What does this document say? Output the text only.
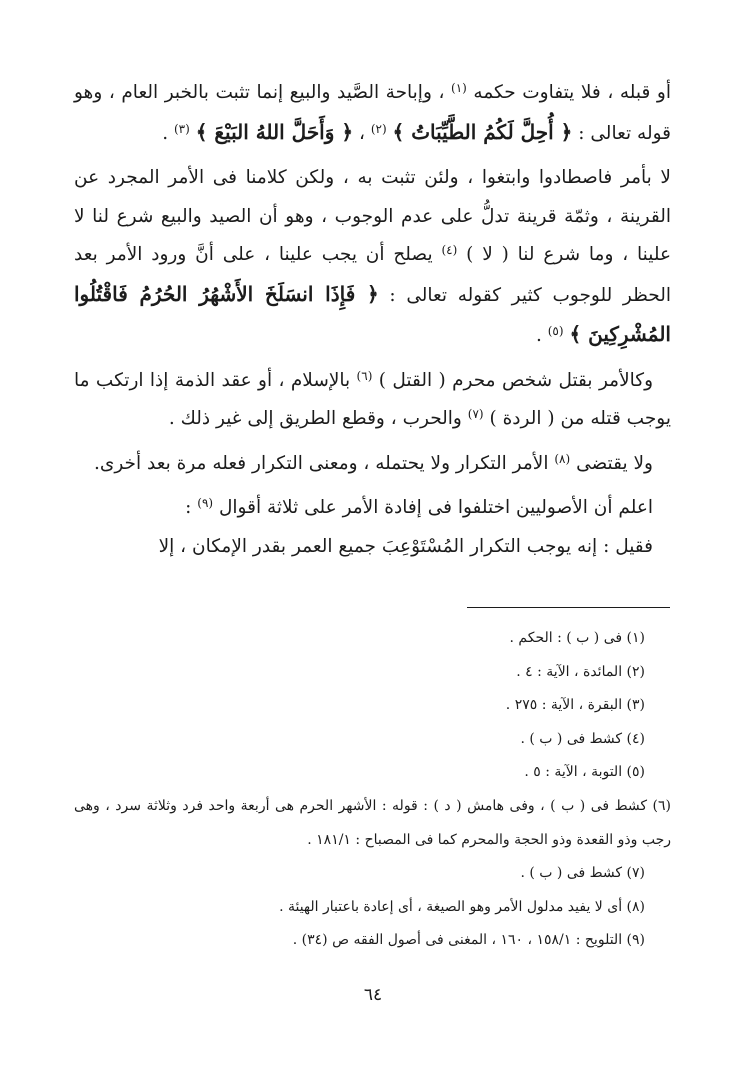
أو قبله ، فلا يتفاوت حكمه $^{(١)}$ ، وإباحة الصَّيد والبيع إنما تثبت بالخبر العام ، وهو قوله تعالى : ﴿ أُحِلَّ لَكُمُ الطَّيِّبَاتُ ﴾ $^{(٢)}$ ، ﴿ وَأَحَلَّ اللهُ البَيْعَ ﴾ $^{(٣)}$ .

لا بأمر فاصطادوا وابتغوا ، ولئن تثبت به ، ولكن كلامنا فى الأمر المجرد عن القرينة ، وثمّة قرينة تدلُّ على عدم الوجوب ، وهو أن الصيد والبيع شرع لنا لا علينا ، وما شرع لنا ( لا ) $^{(٤)}$ يصلح أن يجب علينا ، على أنَّ ورود الأمر بعد الحظر للوجوب كثير كقوله تعالى : ﴿ فَإِذَا انسَلَخَ الأَشْهُرُ الحُرُمُ فَاقْتُلُوا المُشْرِكِينَ ﴾ $^{(٥)}$ .

وكالأمر بقتل شخص محرم ( القتل ) $^{(٦)}$ بالإسلام ، أو عقد الذمة إذا ارتكب ما يوجب قتله من ( الردة ) $^{(٧)}$ والحرب ، وقطع الطريق إلى غير ذلك .

ولا يقتضى $^{(٨)}$ الأمر التكرار ولا يحتمله ، ومعنى التكرار فعله مرة بعد أخرى.

اعلم أن الأصوليين اختلفوا فى إفادة الأمر على ثلاثة أقوال $^{(٩)}$ :

فقيل : إنه يوجب التكرار المُسْتَوْعِبَ جميع العمر بقدر الإمكان ، إلا

(١) فى ( ب ) : الحكم .
(٢) المائدة ، الآية : ٤ .
(٣) البقرة ، الآية : ٢٧٥ .
(٤) كشط فى ( ب ) .
(٥) التوبة ، الآية : ٥ .
(٦) كشط فى ( ب ) ، وفى هامش ( د ) : قوله : الأشهر الحرم هى أربعة واحد فرد وثلاثة سرد ، وهى رجب وذو القعدة وذو الحجة والمحرم كما فى المصباح : ١٨١/١ .
(٧) كشط فى ( ب ) .
(٨) أى لا يفيد مدلول الأمر وهو الصيغة ، أى إعادة باعتبار الهيئة .
(٩) التلويح : ١٥٨/١ ، ١٦٠ ، المغنى فى أصول الفقه ص (٣٤) .
٦٤
